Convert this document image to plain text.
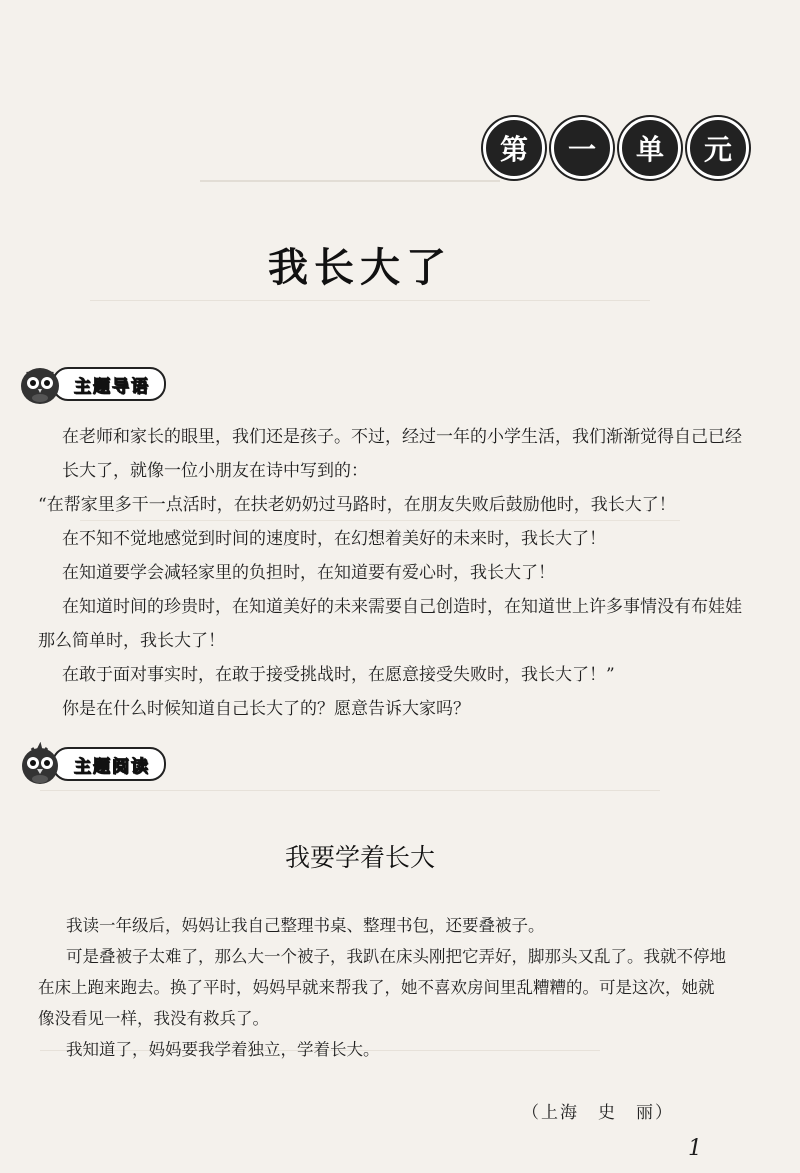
第	一	单	元
我长大了
主题导语

在老师和家长的眼里，我们还是孩子。不过，经过一年的小学生活，我们渐渐觉得自己已经长大了，就像一位小朋友在诗中写到的：

“在帮家里多干一点活时，在扶老奶奶过马路时，在朋友失败后鼓励他时，我长大了！

在不知不觉地感觉到时间的速度时，在幻想着美好的未来时，我长大了！

在知道要学会减轻家里的负担时，在知道要有爱心时，我长大了！

在知道时间的珍贵时，在知道美好的未来需要自己创造时，在知道世上许多事情没有布娃娃那么简单时，我长大了！

在敢于面对事实时，在敢于接受挑战时，在愿意接受失败时，我长大了！”

你是在什么时候知道自己长大了的？愿意告诉大家吗？

主题阅读
我要学着长大

我读一年级后，妈妈让我自己整理书桌、整理书包，还要叠被子。

可是叠被子太难了，那么大一个被子，我趴在床头刚把它弄好，脚那头又乱了。我就不停地在床上跑来跑去。换了平时，妈妈早就来帮我了，她不喜欢房间里乱糟糟的。可是这次，她就像没看见一样，我没有救兵了。

我知道了，妈妈要我学着独立，学着长大。

（上海　史　丽）
1
